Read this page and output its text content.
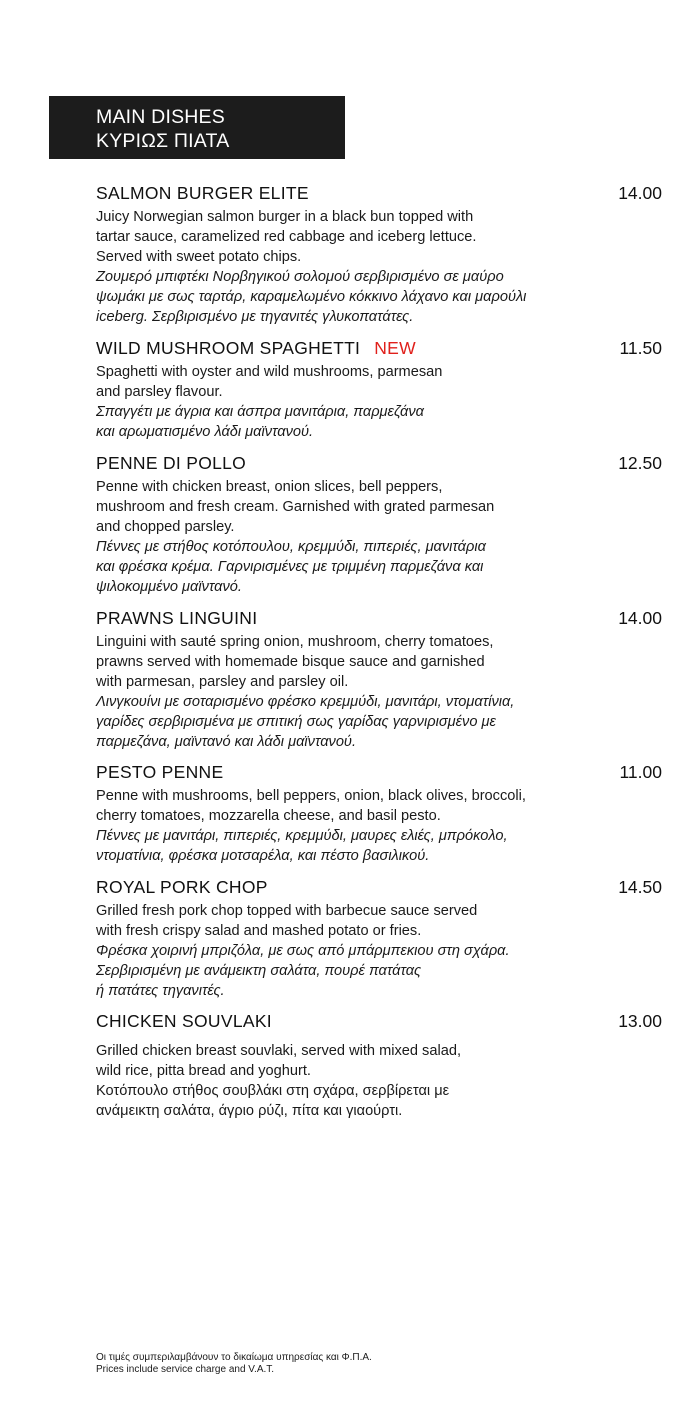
MAIN DISHES
ΚΥΡΙΩΣ ΠΙΑΤΑ
SALMON BURGER ELITE	14.00
Juicy Norwegian salmon burger in a black bun topped with
tartar sauce, caramelized red cabbage and iceberg lettuce.
Served with sweet potato chips.
Ζουμερό μπιφτέκι Νορβηγικού σολομού σερβιρισμένο σε μαύρο
ψωμάκι με σως ταρτάρ, καραμελωμένο κόκκινο λάχανο και μαρούλι
iceberg. Σερβιρισμένο με τηγανιτές γλυκοπατάτες.
WILD MUSHROOM SPAGHETTI NEW	11.50
Spaghetti with oyster and wild mushrooms, parmesan
and parsley flavour.
Σπαγγέτι με άγρια και άσπρα μανιτάρια, παρμεζάνα
και αρωματισμένο λάδι μαϊντανού.
PENNE DI POLLO	12.50
Penne with chicken breast, onion slices, bell peppers,
mushroom and fresh cream. Garnished with grated parmesan
and chopped parsley.
Πέννες με στήθος κοτόπουλου, κρεμμύδι, πιπεριές, μανιτάρια
και φρέσκα κρέμα. Γαρνιρισμένες με τριμμένη παρμεζάνα και
ψιλοκομμένο μαϊντανό.
PRAWNS LINGUINI	14.00
Linguini with sauté spring onion, mushroom, cherry tomatoes,
prawns served with homemade bisque sauce and garnished
with parmesan, parsley and parsley oil.
Λινγκουίνι με σοταρισμένο φρέσκο κρεμμύδι, μανιτάρι, ντοματίνια,
γαρίδες σερβιρισμένα με σπιτική σως γαρίδας γαρνιρισμένο με
παρμεζάνα, μαϊντανό και λάδι μαϊντανού.
PESTO PENNE	11.00
Penne with mushrooms, bell peppers, onion, black olives, broccoli,
cherry tomatoes, mozzarella cheese, and basil pesto.
Πέννες με μανιτάρι, πιπεριές, κρεμμύδι, μαυρες ελιές, μπρόκολο,
ντοματίνια, φρέσκα μοτσαρέλα, και πέστο βασιλικού.
ROYAL PORK CHOP	14.50
Grilled fresh pork chop topped with barbecue sauce served
with fresh crispy salad and mashed potato or fries.
Φρέσκα χοιρινή μπριζόλα, με σως από μπάρμπεκιου στη σχάρα.
Σερβιρισμένη με ανάμεικτη σαλάτα, πουρέ πατάτας
ή πατάτες τηγανιτές.
CHICKEN SOUVLAKI	13.00
Grilled chicken breast souvlaki, served with mixed salad,
wild rice, pitta bread and yoghurt.
Κοτόπουλο στήθος σουβλάκι στη σχάρα, σερβίρεται με
ανάμεικτη σαλάτα, άγριο ρύζι, πίτα και γιαούρτι.
Οι τιμές συμπεριλαμβάνουν το δικαίωμα υπηρεσίας και Φ.Π.Α.
Prices include service charge and V.A.T.
